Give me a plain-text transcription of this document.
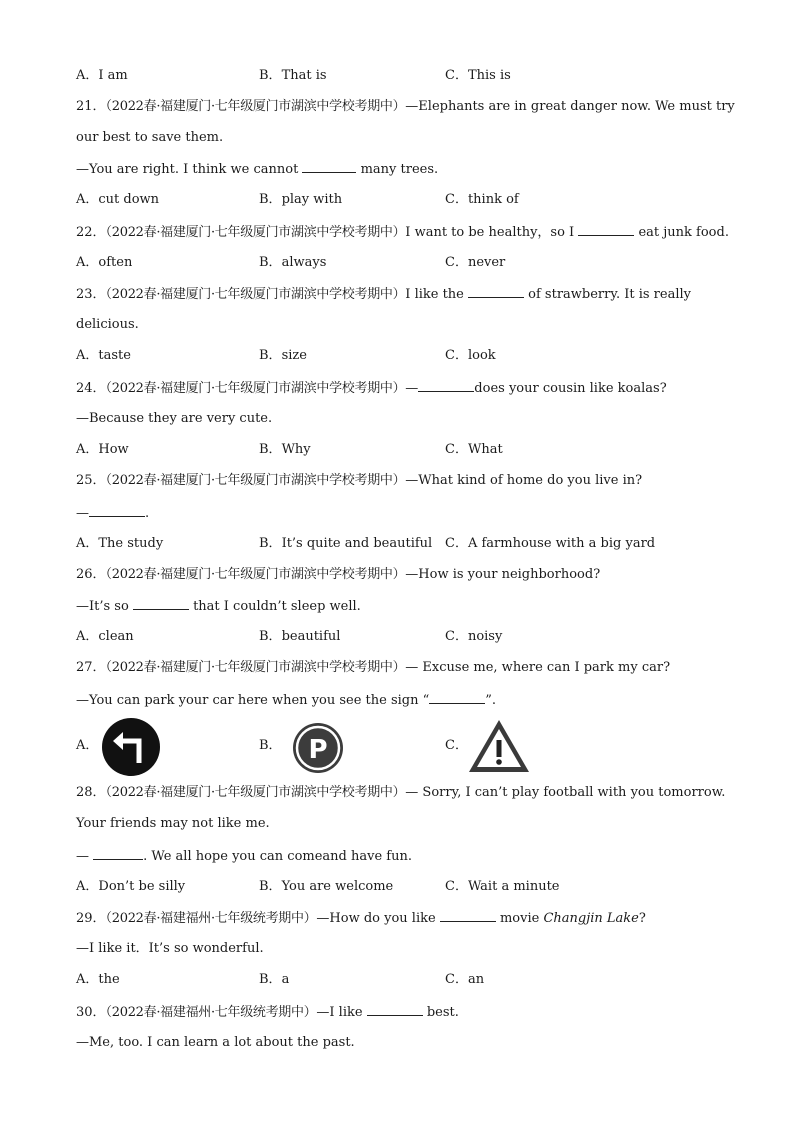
A．I am	B．That is	C．This is
21．（2022春·福建厦门·七年级厦门市湖滨中学校考期中）—Elephants are in great danger now. We must try
our best to save them.
—You are right. I think we cannot	many trees.
A．cut down	B．play with	C．think of
22．（2022春·福建厦门·七年级厦门市湖滨中学校考期中）I want to be healthy，so I	eat junk food.
A．often	B．always	C．never
23．（2022春·福建厦门·七年级厦门市湖滨中学校考期中）I like the	of strawberry. It is really
delicious.
A．taste	B．size	C．look
24．（2022春·福建厦门·七年级厦门市湖滨中学校考期中）—	does your cousin like koalas?
—Because they are very cute.
A．How	B．Why	C．What
25．（2022春·福建厦门·七年级厦门市湖滨中学校考期中）—What kind of home do you live in?
—	.
A．The study	B．It’s quite and beautiful C．A farmhouse with a big yard
26．（2022春·福建厦门·七年级厦门市湖滨中学校考期中）—How is your neighborhood?
—It’s so	that I couldn’t sleep well.
A．clean	B．beautiful	C．noisy
27．（2022春·福建厦门·七年级厦门市湖滨中学校考期中）— Excuse me, where can I park my car?
—You can park your car here when you see the sign “	”.
A．	B． P	C．
28．（2022春·福建厦门·七年级厦门市湖滨中学校考期中）— Sorry, I can’t play football with you tomorrow.
Your friends may not like me.
—	. We all hope you can comeand have fun.
A．Don’t be silly	B．You are welcome	C．Wait a minute
29．（2022春·福建福州·七年级统考期中）—How do you like	movie Changjin Lake?
—I like it．It’s so wonderful.
A．the	B．a	C．an
30．（2022春·福建福州·七年级统考期中）—I like	best.
—Me, too. I can learn a lot about the past.
